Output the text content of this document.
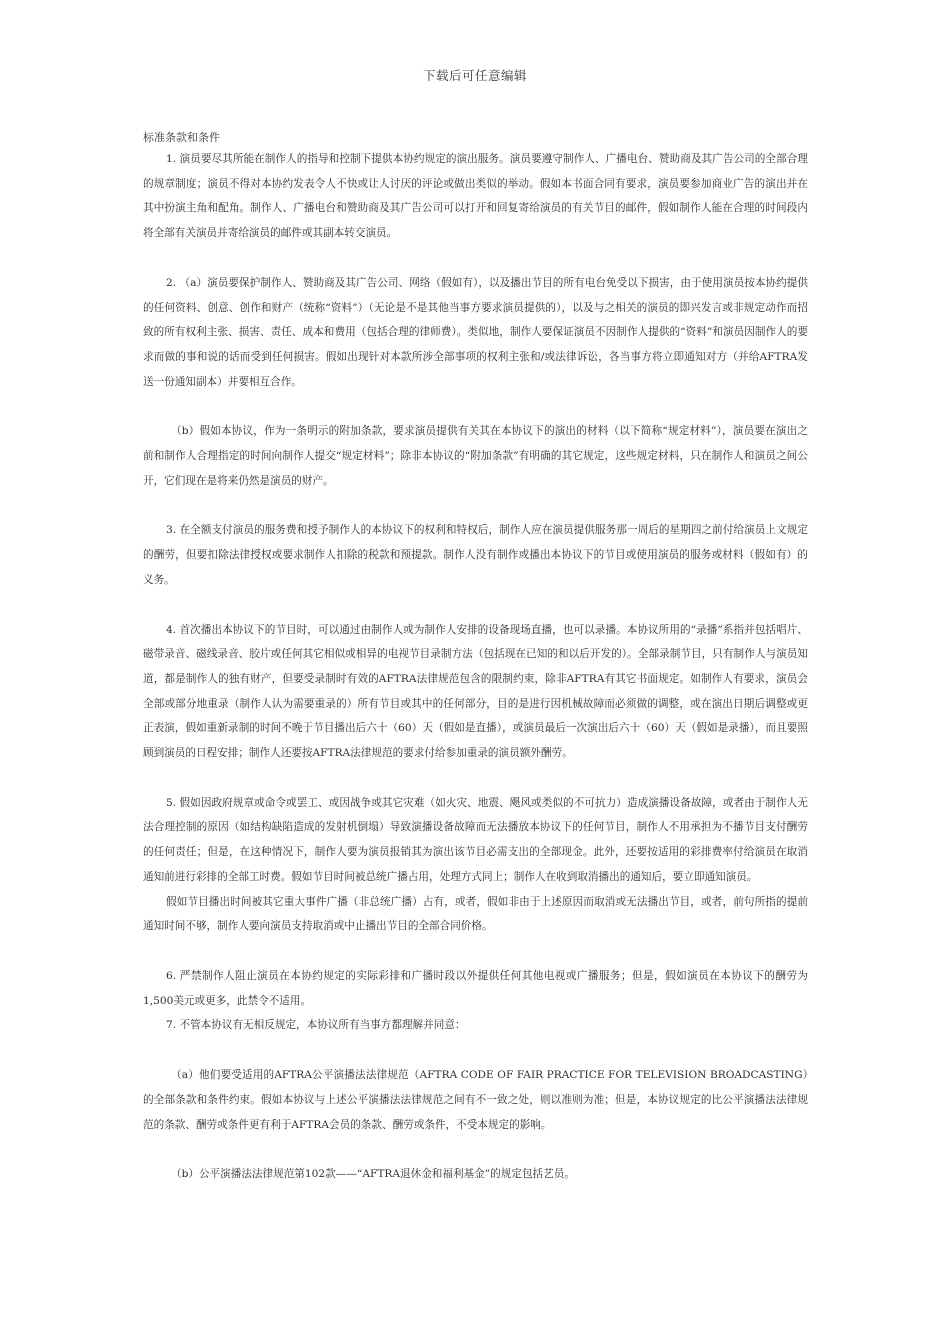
下载后可任意编辑
标准条款和条件

1. 演员要尽其所能在制作人的指导和控制下提供本协约规定的演出服务。演员要遵守制作人、广播电台、赞助商及其广告公司的全部合理的规章制度；演员不得对本协约发表令人不快或让人讨厌的评论或做出类似的举动。假如本书面合同有要求，演员要参加商业广告的演出并在其中扮演主角和配角。制作人、广播电台和赞助商及其广告公司可以打开和回复寄给演员的有关节目的邮件，假如制作人能在合理的时间段内将全部有关演员并寄给演员的邮件或其副本转交演员。

2. （a）演员要保护制作人、赞助商及其广告公司、网络（假如有），以及播出节目的所有电台免受以下损害，由于使用演员按本协约提供的任何资料、创意、创作和财产（统称“资料”）（无论是不是其他当事方要求演员提供的），以及与之相关的演员的即兴发言或非规定动作而招致的所有权利主张、损害、责任、成本和费用（包括合理的律师费）。类似地，制作人要保证演员不因制作人提供的“资料”和演员因制作人的要求而做的事和说的话而受到任何损害。假如出现针对本款所涉全部事项的权利主张和/或法律诉讼，各当事方将立即通知对方（并给AFTRA发送一份通知副本）并要相互合作。

（b）假如本协议，作为一条明示的附加条款，要求演员提供有关其在本协议下的演出的材料（以下简称“规定材料”），演员要在演出之前和制作人合理指定的时间向制作人提交“规定材料”；除非本协议的“附加条款”有明确的其它规定，这些规定材料，只在制作人和演员之间公开，它们现在是将来仍然是演员的财产。

3. 在全额支付演员的服务费和授予制作人的本协议下的权利和特权后，制作人应在演员提供服务那一周后的星期四之前付给演员上文规定的酬劳，但要扣除法律授权或要求制作人扣除的税款和预提款。制作人没有制作或播出本协议下的节目或使用演员的服务或材料（假如有）的义务。

4. 首次播出本协议下的节目时，可以通过由制作人或为制作人安排的设备现场直播，也可以录播。本协议所用的“录播”系指并包括唱片、磁带录音、磁线录音、胶片或任何其它相似或相异的电视节目录制方法（包括现在已知的和以后开发的）。全部录制节目，只有制作人与演员知道，都是制作人的独有财产，但要受录制时有效的AFTRA法律规范包含的限制约束，除非AFTRA有其它书面规定。如制作人有要求，演员会全部或部分地重录（制作人认为需要重录的）所有节目或其中的任何部分，目的是进行因机械故障而必须做的调整，或在演出日期后调整或更正表演，假如重新录制的时间不晚于节目播出后六十（60）天（假如是直播），或演员最后一次演出后六十（60）天（假如是录播），而且要照顾到演员的日程安排；制作人还要按AFTRA法律规范的要求付给参加重录的演员额外酬劳。

5. 假如因政府规章或命令或罢工、或因战争或其它灾难（如火灾、地震、飓风或类似的不可抗力）造成演播设备故障，或者由于制作人无法合理控制的原因（如结构缺陷造成的发射机倒塌）导致演播设备故障而无法播放本协议下的任何节目，制作人不用承担为不播节目支付酬劳的任何责任；但是，在这种情况下，制作人要为演员报销其为演出该节目必需支出的全部现金。此外，还要按适用的彩排费率付给演员在取消通知前进行彩排的全部工时费。假如节目时间被总统广播占用，处理方式同上；制作人在收到取消播出的通知后，要立即通知演员。

假如节目播出时间被其它重大事件广播（非总统广播）占有，或者，假如非由于上述原因而取消或无法播出节目，或者，前句所指的提前通知时间不够，制作人要向演员支持取消或中止播出节目的全部合同价格。

6. 严禁制作人阻止演员在本协约规定的实际彩排和广播时段以外提供任何其他电视或广播服务；但是，假如演员在本协议下的酬劳为1,500美元或更多，此禁令不适用。

7. 不管本协议有无相反规定，本协议所有当事方都理解并同意：

（a）他们要受适用的AFTRA公平演播法法律规范（AFTRA CODE OF FAIR PRACTICE FOR TELEVISION BROADCASTING）的全部条款和条件约束。假如本协议与上述公平演播法法律规范之间有不一致之处，则以准则为准；但是，本协议规定的比公平演播法法律规范的条款、酬劳或条件更有利于AFTRA会员的条款、酬劳或条件，不受本规定的影响。

（b）公平演播法法律规范第102款——“AFTRA退休金和福利基金”的规定包括艺员。
